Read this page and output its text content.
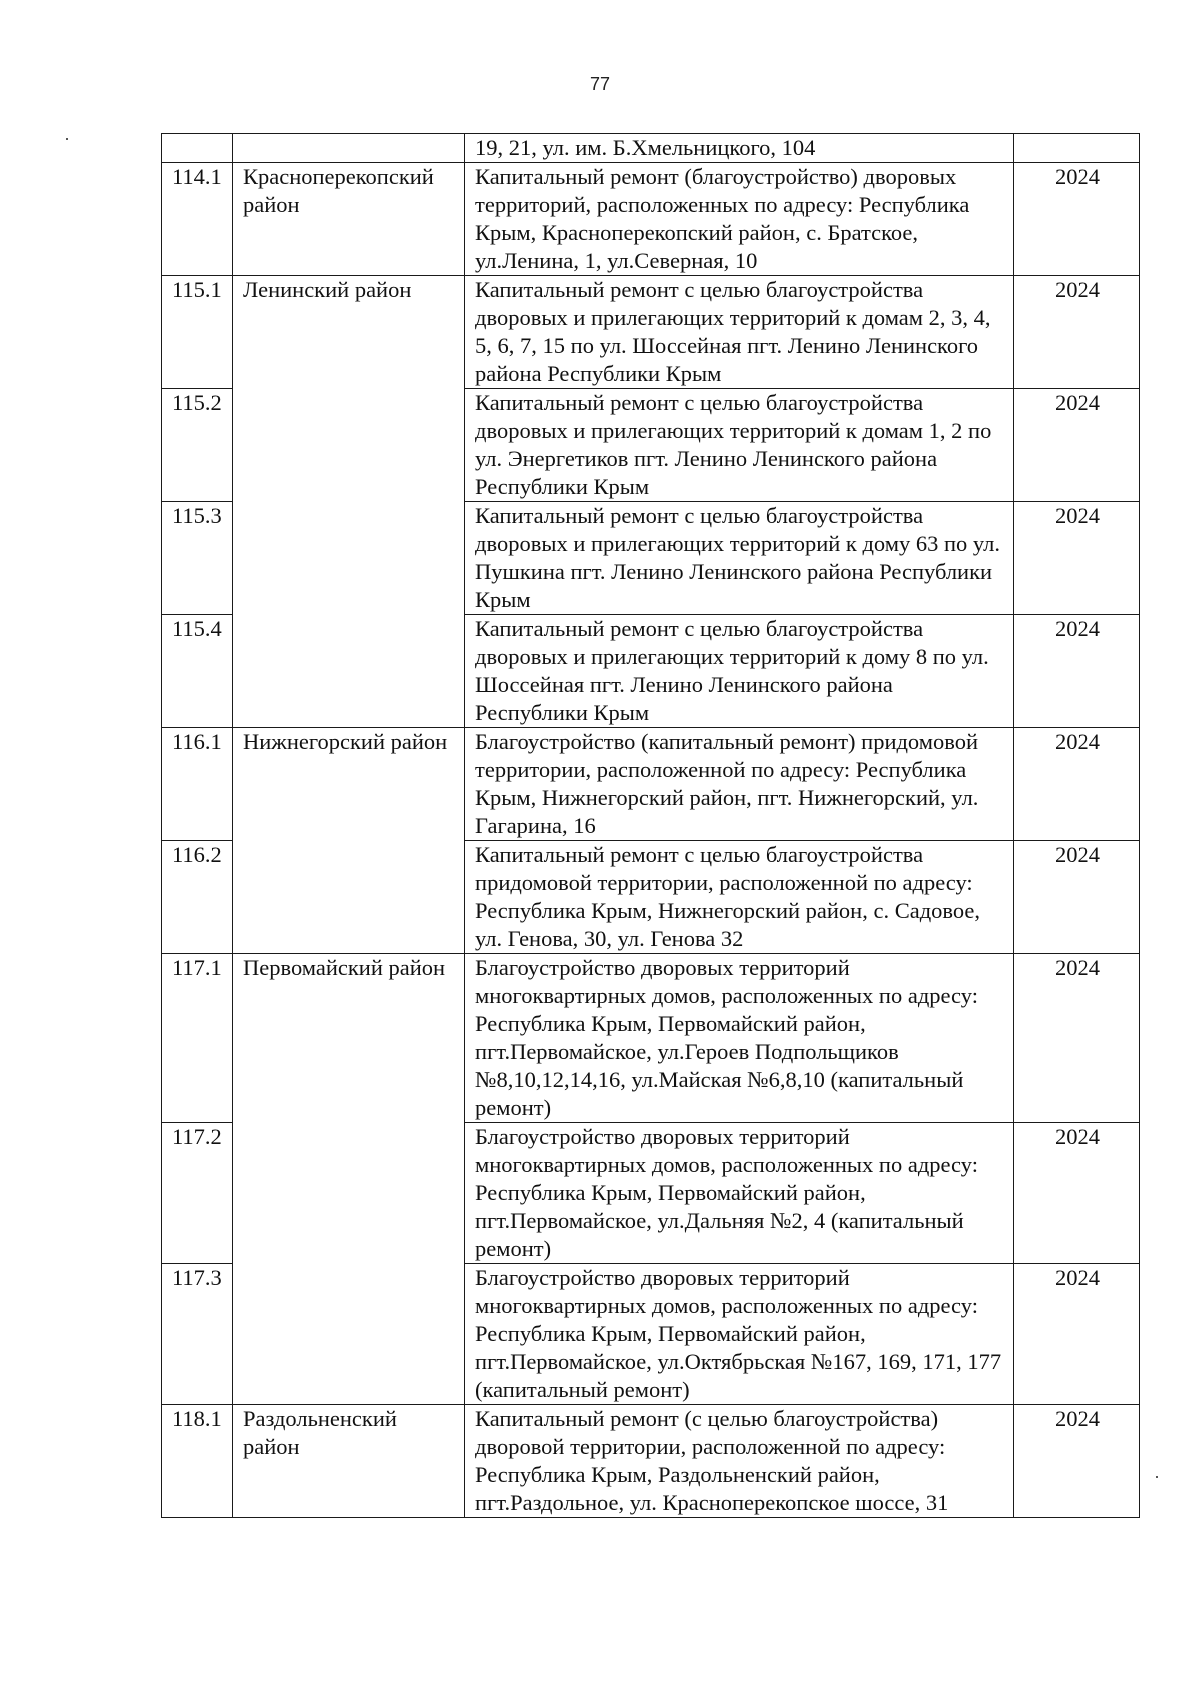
77
		19, 21, ул. им. Б.Хмельницкого, 104	
114.1	Красноперекопский район	Капитальный ремонт (благоустройство) дворовых территорий, расположенных по адресу: Республика Крым, Красноперекопский район, с. Братское, ул.Ленина, 1, ул.Северная, 10	2024
115.1	Ленинский район	Капитальный ремонт с целью благоустройства дворовых и прилегающих территорий к домам 2, 3, 4, 5, 6, 7, 15 по ул. Шоссейная пгт. Ленино Ленинского района Республики Крым	2024
115.2		Капитальный ремонт с целью благоустройства дворовых и прилегающих территорий к домам 1, 2 по ул. Энергетиков пгт. Ленино Ленинского района Республики Крым	2024
115.3		Капитальный ремонт с целью благоустройства дворовых и прилегающих территорий к дому 63 по ул. Пушкина пгт. Ленино Ленинского района Республики Крым	2024
115.4		Капитальный ремонт с целью благоустройства дворовых и прилегающих территорий к дому 8 по ул. Шоссейная пгт. Ленино Ленинского района Республики Крым	2024
116.1	Нижнегорский район	Благоустройство (капитальный ремонт) придомовой территории, расположенной по адресу: Республика Крым, Нижнегорский район, пгт. Нижнегорский, ул. Гагарина, 16	2024
116.2		Капитальный ремонт с целью благоустройства придомовой территории, расположенной по адресу: Республика Крым, Нижнегорский район, с. Садовое, ул. Генова, 30, ул. Генова 32	2024
117.1	Первомайский район	Благоустройство дворовых территорий многоквартирных домов, расположенных по адресу: Республика Крым, Первомайский район, пгт.Первомайское, ул.Героев Подпольщиков №8,10,12,14,16, ул.Майская №6,8,10 (капитальный ремонт)	2024
117.2		Благоустройство дворовых территорий многоквартирных домов, расположенных по адресу: Республика Крым, Первомайский район, пгт.Первомайское, ул.Дальняя №2, 4 (капитальный ремонт)	2024
117.3		Благоустройство дворовых территорий многоквартирных домов, расположенных по адресу: Республика Крым, Первомайский район, пгт.Первомайское, ул.Октябрьская №167, 169, 171, 177 (капитальный ремонт)	2024
118.1	Раздольненский район	Капитальный ремонт (с целью благоустройства) дворовой территории, расположенной по адресу: Республика Крым, Раздольненский район, пгт.Раздольное, ул. Красноперекопское шоссе, 31	2024
